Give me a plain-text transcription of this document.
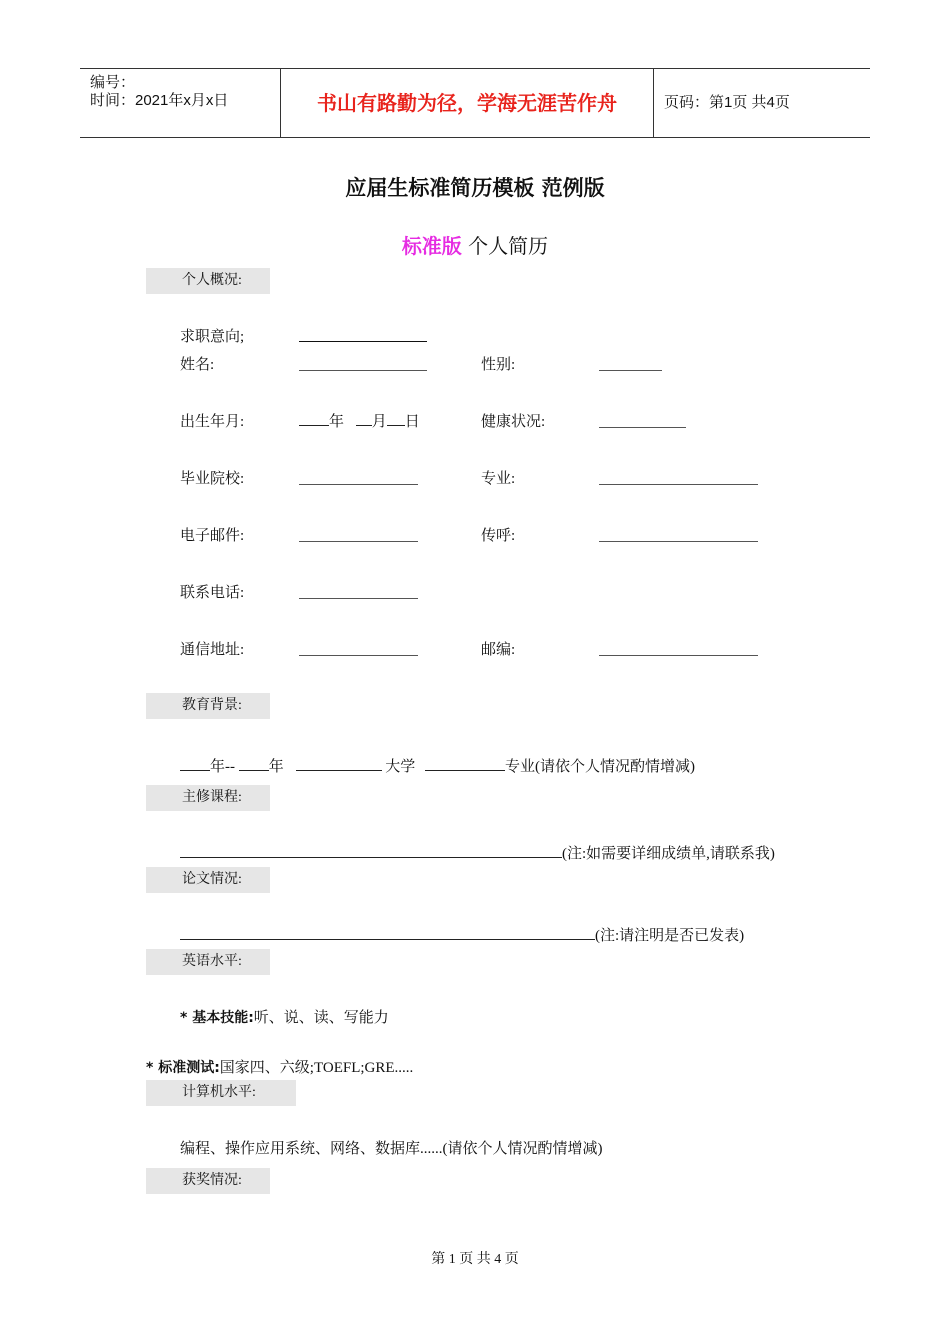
编号：
时间：2021年x月x日	书山有路勤为径，学海无涯苦作舟	页码：第1页 共4页
应届生标准简历模板 范例版
标准版 个人简历
个人概况:
求职意向;
姓名:	性别:
出生年月:	年 月 日	健康状况:
毕业院校:	专业:
电子邮件:	传呼:
联系电话:
通信地址:	邮编:
教育背景:
年-- 年	大学	专业(请依个人情况酌情增减)
主修课程:
(注:如需要详细成绩单,请联系我)
论文情况:
(注:请注明是否已发表)
英语水平:
* 基本技能:听、说、读、写能力
* 标准测试:国家四、六级;TOEFL;GRE.....
计算机水平:
编程、操作应用系统、网络、数据库......(请依个人情况酌情增减)
获奖情况:
第 1 页 共 4 页
